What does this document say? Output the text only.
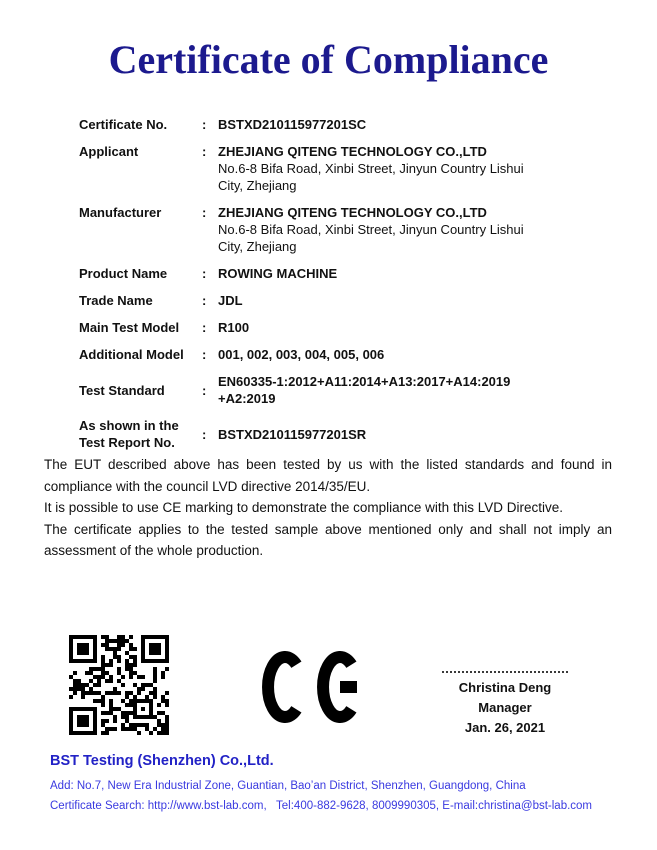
Certificate of Compliance
Certificate No.	: BSTXD210115977201SC
Applicant	: ZHEJIANG QITENG TECHNOLOGY CO.,LTD
No.6-8 Bifa Road, Xinbi Street, Jinyun Country Lishui
City, Zhejiang
Manufacturer	: ZHEJIANG QITENG TECHNOLOGY CO.,LTD
No.6-8 Bifa Road, Xinbi Street, Jinyun Country Lishui
City, Zhejiang
Product Name	: ROWING MACHINE
Trade Name	: JDL
Main Test Model	: R100
Additional Model	: 001, 002, 003, 004, 005, 006
Test Standard	:
EN60335-1:2012+A11:2014+A13:2017+A14:2019
+A2:2019
As shown in the
Test Report No.
: BSTXD210115977201SR

The EUT described above has been tested by us with the listed standards and found in compliance with the council LVD directive 2014/35/EU.

It is possible to use CE marking to demonstrate the compliance with this LVD Directive.

The certificate applies to the tested sample above mentioned only and shall not imply an assessment of the whole production.

Christina Deng
Manager
Jan. 26, 2021
BST Testing (Shenzhen) Co.,Ltd.
Add: No.7, New Era Industrial Zone, Guantian, Bao’an District, Shenzhen, Guangdong, China
Certificate Search: http://www.bst-lab.com,   Tel:400-882-9628, 8009990305, E-mail:christina@bst-lab.com
